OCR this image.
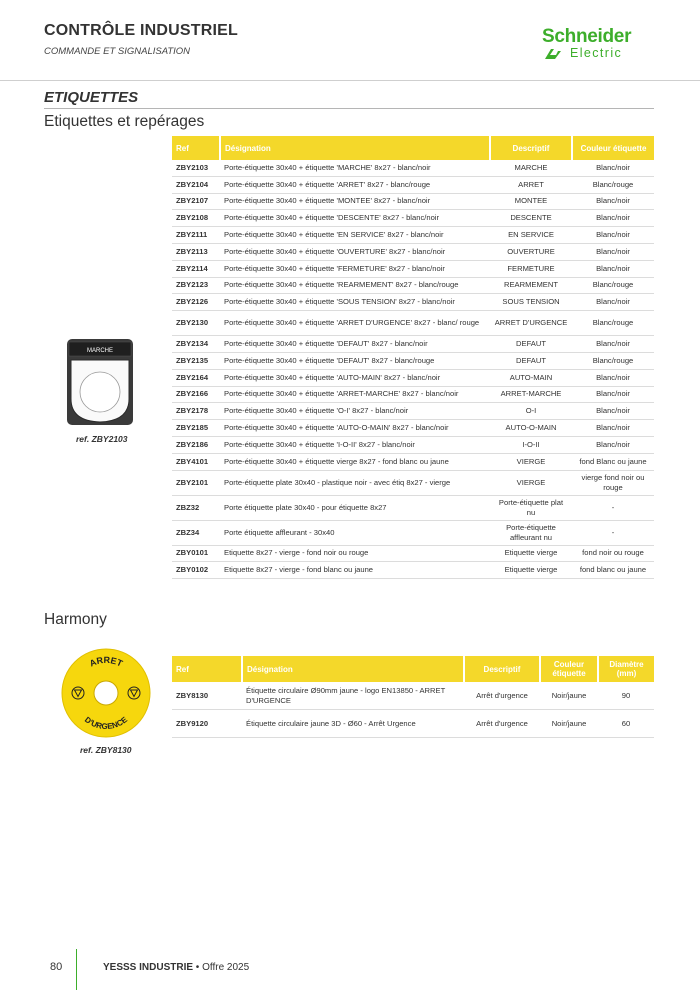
CONTRÔLE INDUSTRIEL
COMMANDE ET SIGNALISATION
Schneider
Electric
ETIQUETTES
Etiquettes et repérages
Ref	Désignation	Descriptif	Couleur étiquette
ZBY2103	Porte-étiquette 30x40 + étiquette 'MARCHE' 8x27 - blanc/noir	MARCHE	Blanc/noir
ZBY2104	Porte-étiquette 30x40 + étiquette 'ARRET' 8x27 - blanc/rouge	ARRET	Blanc/rouge
ZBY2107	Porte-étiquette 30x40 + étiquette 'MONTEE' 8x27 - blanc/noir	MONTEE	Blanc/noir
ZBY2108	Porte-étiquette 30x40 + étiquette 'DESCENTE' 8x27 - blanc/noir	DESCENTE	Blanc/noir
ZBY2111	Porte-étiquette 30x40 + étiquette 'EN SERVICE' 8x27 - blanc/noir	EN SERVICE	Blanc/noir
ZBY2113	Porte-étiquette 30x40 + étiquette 'OUVERTURE' 8x27 - blanc/noir	OUVERTURE	Blanc/noir
ZBY2114	Porte-étiquette 30x40 + étiquette 'FERMETURE' 8x27 - blanc/noir	FERMETURE	Blanc/noir
ZBY2123	Porte-étiquette 30x40 + étiquette 'REARMEMENT' 8x27 - blanc/rouge	REARMEMENT	Blanc/rouge
ZBY2126	Porte-étiquette 30x40 + étiquette 'SOUS TENSION' 8x27 - blanc/noir	SOUS TENSION	Blanc/noir
ZBY2130	Porte-étiquette 30x40 + étiquette 'ARRET D'URGENCE' 8x27 - blanc/ rouge	ARRET D'URGENCE	Blanc/rouge
ZBY2134	Porte-étiquette 30x40 + étiquette 'DEFAUT' 8x27 - blanc/noir	DEFAUT	Blanc/noir
ZBY2135	Porte-étiquette 30x40 + étiquette 'DEFAUT' 8x27 - blanc/rouge	DEFAUT	Blanc/rouge
ZBY2164	Porte-étiquette 30x40 + étiquette 'AUTO-MAIN' 8x27 - blanc/noir	AUTO-MAIN	Blanc/noir
ZBY2166	Porte-étiquette 30x40 + étiquette 'ARRET-MARCHE' 8x27 - blanc/noir	ARRET-MARCHE	Blanc/noir
ZBY2178	Porte-étiquette 30x40 + étiquette 'O-I' 8x27 - blanc/noir	O-I	Blanc/noir
ZBY2185	Porte-étiquette 30x40 + étiquette 'AUTO-O-MAIN' 8x27 - blanc/noir	AUTO-O-MAIN	Blanc/noir
ZBY2186	Porte-étiquette 30x40 + étiquette 'I-O-II' 8x27 - blanc/noir	I-O-II	Blanc/noir
ZBY4101	Porte-étiquette 30x40 + étiquette vierge 8x27 - fond blanc ou jaune	VIERGE	fond Blanc ou jaune
ZBY2101	Porte-étiquette plate 30x40 - plastique noir - avec étiq 8x27 - vierge	VIERGE	vierge fond noir ou rouge
ZBZ32	Porte étiquette plate 30x40 - pour étiquette 8x27	Porte-étiquette plat nu	-
ZBZ34	Porte étiquette affleurant - 30x40	Porte-étiquette affleurant nu	-
ZBY0101	Etiquette 8x27 - vierge - fond noir ou rouge	Etiquette vierge	fond noir ou rouge
ZBY0102	Etiquette 8x27 - vierge - fond blanc ou jaune	Etiquette vierge	fond blanc ou jaune
MARCHE
ref. ZBY2103
Harmony
Ref	Désignation	Descriptif	Couleur étiquette	Diamètre (mm)
ZBY8130	Étiquette circulaire Ø90mm jaune - logo EN13850 - ARRET D'URGENCE	Arrêt d'urgence	Noir/jaune	90
ZBY9120	Étiquette circulaire jaune 3D - Ø60 - Arrêt Urgence	Arrêt d'urgence	Noir/jaune	60
ARRET
D'URGENCE
ref. ZBY8130
80	YESSS INDUSTRIE • Offre 2025
